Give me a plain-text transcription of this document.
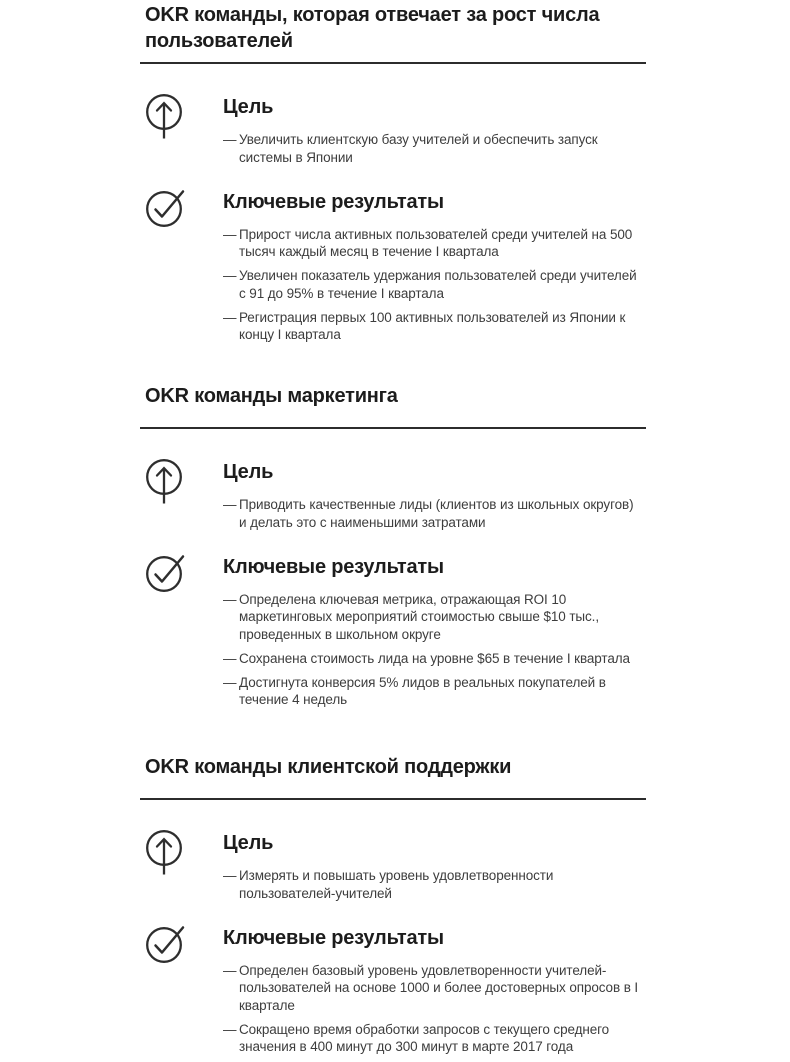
OKR команды, которая отвечает за рост числа пользователей
Цель
— Увеличить клиентскую базу учителей и обеспечить запуск системы в Японии
Ключевые результаты
— Прирост числа активных пользователей среди учителей на 500 тысяч каждый месяц в течение I квартала
— Увеличен показатель удержания пользователей среди учителей с 91 до 95% в течение I квартала
— Регистрация первых 100 активных пользователей из Японии к концу I квартала
OKR команды маркетинга
Цель
— Приводить качественные лиды (клиентов из школьных округов) и делать это с наименьшими затратами
Ключевые результаты
— Определена ключевая метрика, отражающая ROI 10 маркетинговых мероприятий стоимостью свыше $10 тыс., проведенных в школьном округе
— Сохранена стоимость лида на уровне $65 в течение I квартала
— Достигнута конверсия 5% лидов в реальных покупателей в течение 4 недель
OKR команды клиентской поддержки
Цель
— Измерять и повышать уровень удовлетворенности пользователей-учителей
Ключевые результаты
— Определен базовый уровень удовлетворенности учителей-пользователей на основе 1000 и более достоверных опросов в I квартале
— Сокращено время обработки запросов с текущего среднего значения в 400 минут до 300 минут в марте 2017 года
